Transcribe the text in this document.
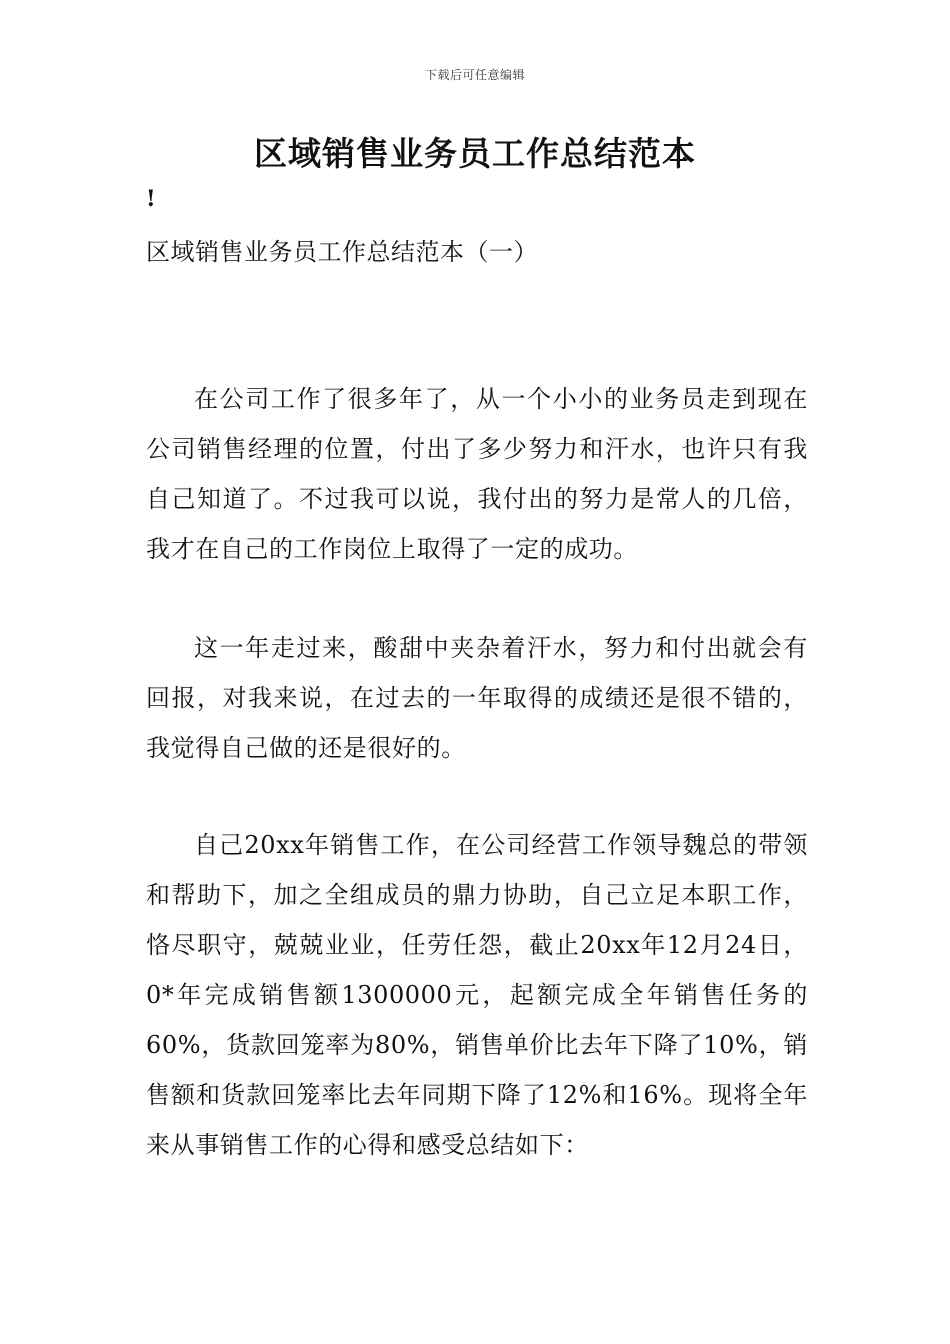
下载后可任意编辑
区域销售业务员工作总结范本
!
区域销售业务员工作总结范本（一）

在公司工作了很多年了，从一个小小的业务员走到现在公司销售经理的位置，付出了多少努力和汗水，也许只有我自己知道了。不过我可以说，我付出的努力是常人的几倍，我才在自己的工作岗位上取得了一定的成功。

这一年走过来，酸甜中夹杂着汗水，努力和付出就会有回报，对我来说，在过去的一年取得的成绩还是很不错的，我觉得自己做的还是很好的。

自己20xx年销售工作，在公司经营工作领导魏总的带领和帮助下，加之全组成员的鼎力协助，自己立足本职工作，恪尽职守，兢兢业业，任劳任怨，截止20xx年12月24日，0*年完成销售额1300000元，起额完成全年销售任务的60%，货款回笼率为80%，销售单价比去年下降了10%，销售额和货款回笼率比去年同期下降了12%和16%。现将全年来从事销售工作的心得和感受总结如下：
